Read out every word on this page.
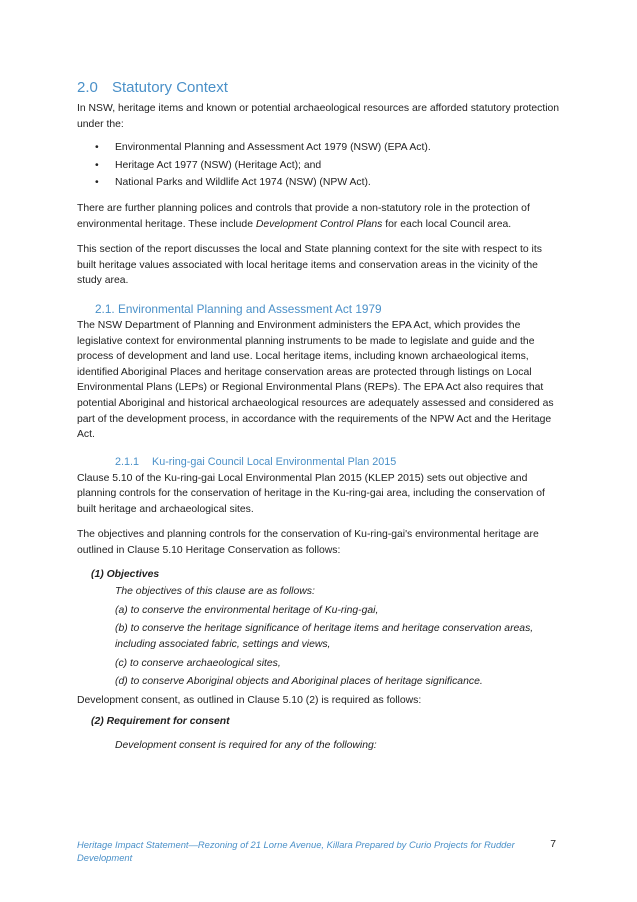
2.0 Statutory Context

In NSW, heritage items and known or potential archaeological resources are afforded statutory protection under the:

• Environmental Planning and Assessment Act 1979 (NSW) (EPA Act).
• Heritage Act 1977 (NSW) (Heritage Act); and
• National Parks and Wildlife Act 1974 (NSW) (NPW Act).

There are further planning polices and controls that provide a non-statutory role in the protection of environmental heritage. These include Development Control Plans for each local Council area.

This section of the report discusses the local and State planning context for the site with respect to its built heritage values associated with local heritage items and conservation areas in the vicinity of the study area.

2.1. Environmental Planning and Assessment Act 1979

The NSW Department of Planning and Environment administers the EPA Act, which provides the legislative context for environmental planning instruments to be made to legislate and guide and the process of development and land use. Local heritage items, including known archaeological items, identified Aboriginal Places and heritage conservation areas are protected through listings on Local Environmental Plans (LEPs) or Regional Environmental Plans (REPs). The EPA Act also requires that potential Aboriginal and historical archaeological resources are adequately assessed and considered as part of the development process, in accordance with the requirements of the NPW Act and the Heritage Act.

2.1.1 Ku-ring-gai Council Local Environmental Plan 2015

Clause 5.10 of the Ku-ring-gai Local Environmental Plan 2015 (KLEP 2015) sets out objective and planning controls for the conservation of heritage in the Ku-ring-gai area, including the conservation of built heritage and archaeological sites.

The objectives and planning controls for the conservation of Ku-ring-gai's environmental heritage are outlined in Clause 5.10 Heritage Conservation as follows:

(1) Objectives
The objectives of this clause are as follows:
(a) to conserve the environmental heritage of Ku-ring-gai,
(b) to conserve the heritage significance of heritage items and heritage conservation areas, including associated fabric, settings and views,
(c) to conserve archaeological sites,
(d) to conserve Aboriginal objects and Aboriginal places of heritage significance.

Development consent, as outlined in Clause 5.10 (2) is required as follows:

(2) Requirement for consent
Development consent is required for any of the following:
Heritage Impact Statement—Rezoning of 21 Lorne Avenue, Killara Prepared by Curio Projects for Rudder Development
7
